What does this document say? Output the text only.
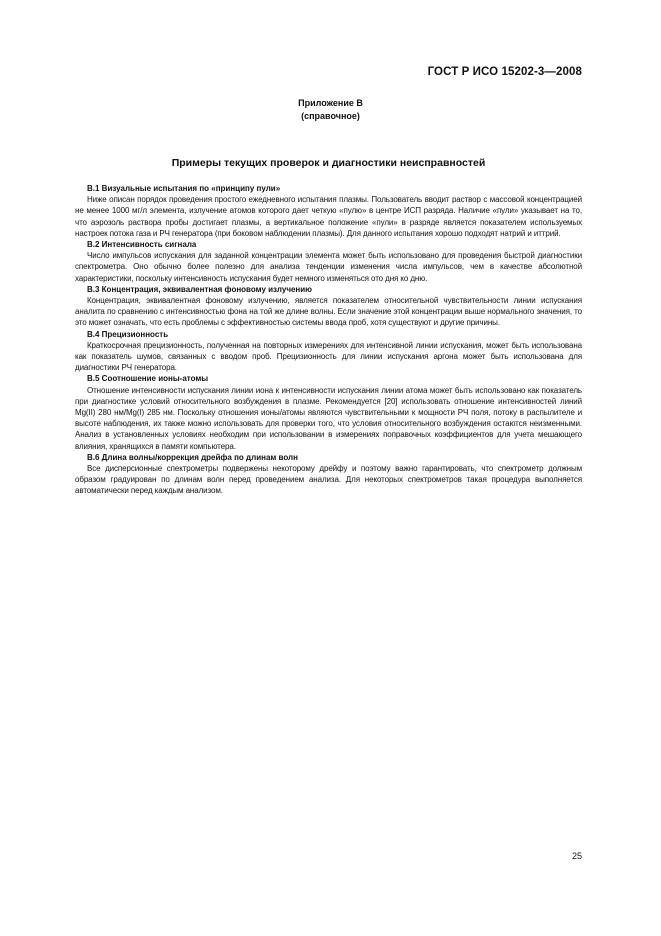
ГОСТ Р ИСО 15202-3—2008
Приложение В
(справочное)
Примеры текущих проверок и диагностики неисправностей

В.1 Визуальные испытания по «принципу пули»

Ниже описан порядок проведения простого ежедневного испытания плазмы. Пользователь вводит раствор с массовой концентрацией не менее 1000 мг/л элемента, излучение атомов которого дает четкую «пулю» в центре ИСП разряда. Наличие «пули» указывает на то, что аэрозоль раствора пробы достигает плазмы, а вертикальное положение «пули» в разряде является показателем используемых настроек потока газа и РЧ генератора (при боковом наблюдении плазмы). Для данного испытания хорошо подходят натрий и иттрий.

В.2 Интенсивность сигнала

Число импульсов испускания для заданной концентрации элемента может быть использовано для проведения быстрой диагностики спектрометра. Оно обычно более полезно для анализа тенденции изменения числа импульсов, чем в качестве абсолютной характеристики, поскольку интенсивность испускания будет немного изменяться ото дня ко дню.

В.3 Концентрация, эквивалентная фоновому излучению

Концентрация, эквивалентная фоновому излучению, является показателем относительной чувствительности линии испускания аналита по сравнению с интенсивностью фона на той же длине волны. Если значение этой концентрации выше нормального значения, то это может означать, что есть проблемы с эффективностью системы ввода проб, хотя существуют и другие причины.

В.4 Прецизионность

Краткосрочная прецизионность, полученная на повторных измерениях для интенсивной линии испускания, может быть использована как показатель шумов, связанных с вводом проб. Прецизионность для линии испускания аргона может быть использована для диагностики РЧ генератора.

В.5 Соотношение ионы-атомы

Отношение интенсивности испускания линии иона к интенсивности испускания линии атома может быть использовано как показатель при диагностике условий относительного возбуждения в плазме. Рекомендуется [20] использовать отношение интенсивностей линий Mg(II) 280 нм/Mg(I) 285 нм. Поскольку отношения ионы/атомы являются чувствительными к мощности РЧ поля, потоку в распылителе и высоте наблюдения, их также можно использовать для проверки того, что условия относительного возбуждения остаются неизменными. Анализ в установленных условиях необходим при использовании в измерениях поправочных коэффициентов для учета мешающего влияния, хранящихся в памяти компьютера.

В.6 Длина волны/коррекция дрейфа по длинам волн

Все дисперсионные спектрометры подвержены некоторому дрейфу и поэтому важно гарантировать, что спектрометр должным образом градуирован по длинам волн перед проведением анализа. Для некоторых спектрометров такая процедура выполняется автоматически перед каждым анализом.

25
